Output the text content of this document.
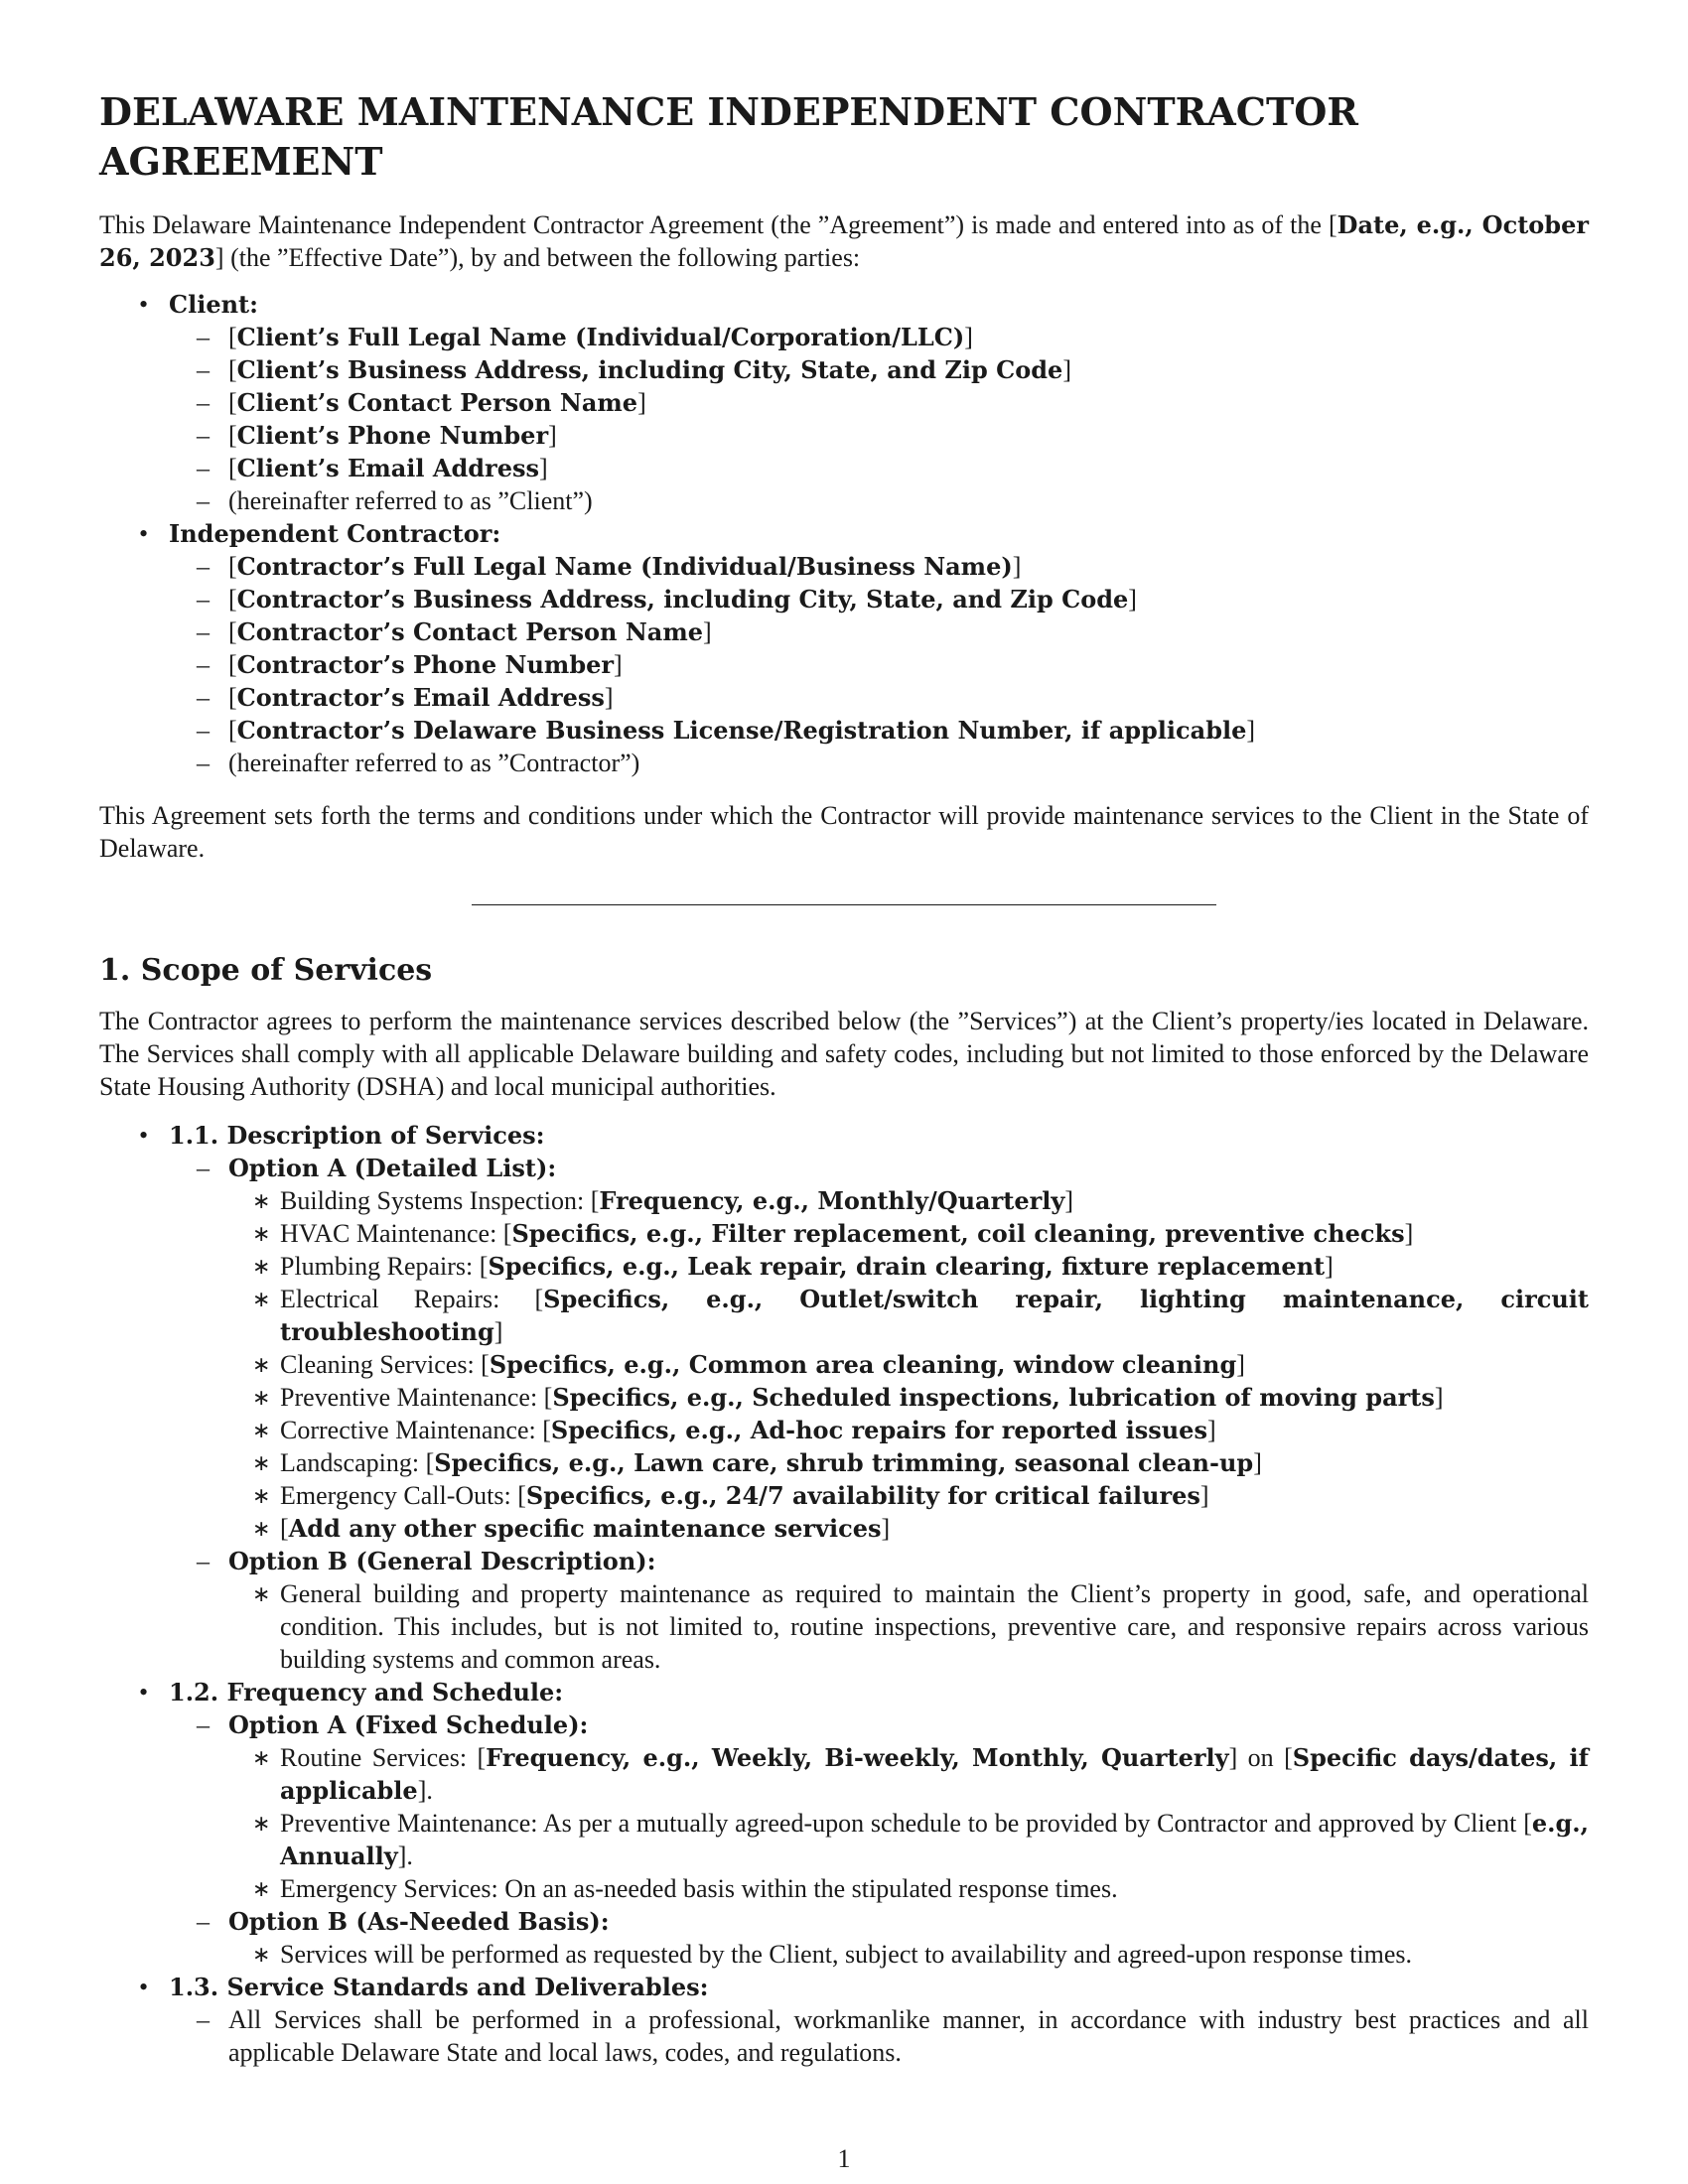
DELAWARE MAINTENANCE INDEPENDENT CONTRACTOR AGREEMENT

This Delaware Maintenance Independent Contractor Agreement (the ”Agreement”) is made and entered into as of the [Date, e.g., October 26, 2023] (the ”Effective Date”), by and between the following parties:

• Client:
– [Client’s Full Legal Name (Individual/Corporation/LLC)]
– [Client’s Business Address, including City, State, and Zip Code]
– [Client’s Contact Person Name]
– [Client’s Phone Number]
– [Client’s Email Address]
– (hereinafter referred to as ”Client”)
• Independent Contractor:
– [Contractor’s Full Legal Name (Individual/Business Name)]
– [Contractor’s Business Address, including City, State, and Zip Code]
– [Contractor’s Contact Person Name]
– [Contractor’s Phone Number]
– [Contractor’s Email Address]
– [Contractor’s Delaware Business License/Registration Number, if applicable]
– (hereinafter referred to as ”Contractor”)

This Agreement sets forth the terms and conditions under which the Contractor will provide maintenance services to the Client in the State of Delaware.

1. Scope of Services

The Contractor agrees to perform the maintenance services described below (the ”Services”) at the Client’s property/ies located in Delaware. The Services shall comply with all applicable Delaware building and safety codes, including but not limited to those enforced by the Delaware State Housing Authority (DSHA) and local municipal authorities.

• 1.1. Description of Services:
– Option A (Detailed List):
∗ Building Systems Inspection: [Frequency, e.g., Monthly/Quarterly]
∗ HVAC Maintenance: [Specifics, e.g., Filter replacement, coil cleaning, preventive checks]
∗ Plumbing Repairs: [Specifics, e.g., Leak repair, drain clearing, fixture replacement]
∗ Electrical Repairs: [Specifics, e.g., Outlet/switch repair, lighting maintenance, circuit troubleshooting]
∗ Cleaning Services: [Specifics, e.g., Common area cleaning, window cleaning]
∗ Preventive Maintenance: [Specifics, e.g., Scheduled inspections, lubrication of moving parts]
∗ Corrective Maintenance: [Specifics, e.g., Ad-hoc repairs for reported issues]
∗ Landscaping: [Specifics, e.g., Lawn care, shrub trimming, seasonal clean-up]
∗ Emergency Call-Outs: [Specifics, e.g., 24/7 availability for critical failures]
∗ [Add any other specific maintenance services]
– Option B (General Description):
∗ General building and property maintenance as required to maintain the Client’s property in good, safe, and operational condition. This includes, but is not limited to, routine inspections, preventive care, and responsive repairs across various building systems and common areas.
• 1.2. Frequency and Schedule:
– Option A (Fixed Schedule):
∗ Routine Services: [Frequency, e.g., Weekly, Bi-weekly, Monthly, Quarterly] on [Specific days/dates, if applicable].
∗ Preventive Maintenance: As per a mutually agreed-upon schedule to be provided by Contractor and approved by Client [e.g., Annually].
∗ Emergency Services: On an as-needed basis within the stipulated response times.
– Option B (As-Needed Basis):
∗ Services will be performed as requested by the Client, subject to availability and agreed-upon response times.
• 1.3. Service Standards and Deliverables:
– All Services shall be performed in a professional, workmanlike manner, in accordance with industry best practices and all applicable Delaware State and local laws, codes, and regulations.
1
